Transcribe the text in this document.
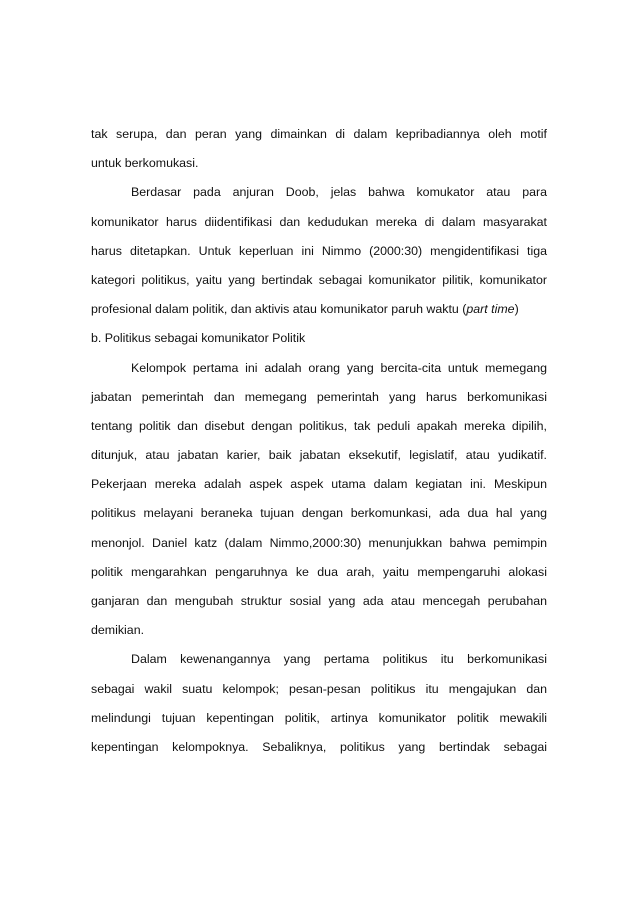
tak serupa, dan peran yang dimainkan di dalam kepribadiannya oleh motif
untuk berkomukasi.
Berdasar pada anjuran Doob, jelas bahwa komukator atau para
komunikator harus diidentifikasi dan kedudukan mereka di dalam masyarakat
harus ditetapkan. Untuk keperluan ini Nimmo (2000:30) mengidentifikasi tiga
kategori politikus, yaitu yang bertindak sebagai komunikator pilitik, komunikator
profesional dalam politik, dan aktivis atau komunikator paruh waktu (part time)
b. Politikus sebagai komunikator Politik
Kelompok pertama ini adalah orang yang bercita-cita untuk memegang
jabatan pemerintah dan memegang pemerintah yang harus berkomunikasi
tentang politik dan disebut dengan politikus, tak peduli apakah mereka dipilih,
ditunjuk, atau jabatan karier, baik jabatan eksekutif, legislatif, atau yudikatif.
Pekerjaan mereka adalah aspek aspek utama dalam kegiatan ini. Meskipun
politikus melayani beraneka tujuan dengan berkomunkasi, ada dua hal yang
menonjol. Daniel katz (dalam Nimmo,2000:30) menunjukkan bahwa pemimpin
politik mengarahkan pengaruhnya ke dua arah, yaitu mempengaruhi alokasi
ganjaran dan mengubah struktur sosial yang ada atau mencegah perubahan
demikian.
Dalam kewenangannya yang pertama politikus itu berkomunikasi
sebagai wakil suatu kelompok; pesan-pesan politikus itu mengajukan dan
melindungi tujuan kepentingan politik, artinya komunikator politik mewakili
kepentingan kelompoknya. Sebaliknya, politikus yang bertindak sebagai
